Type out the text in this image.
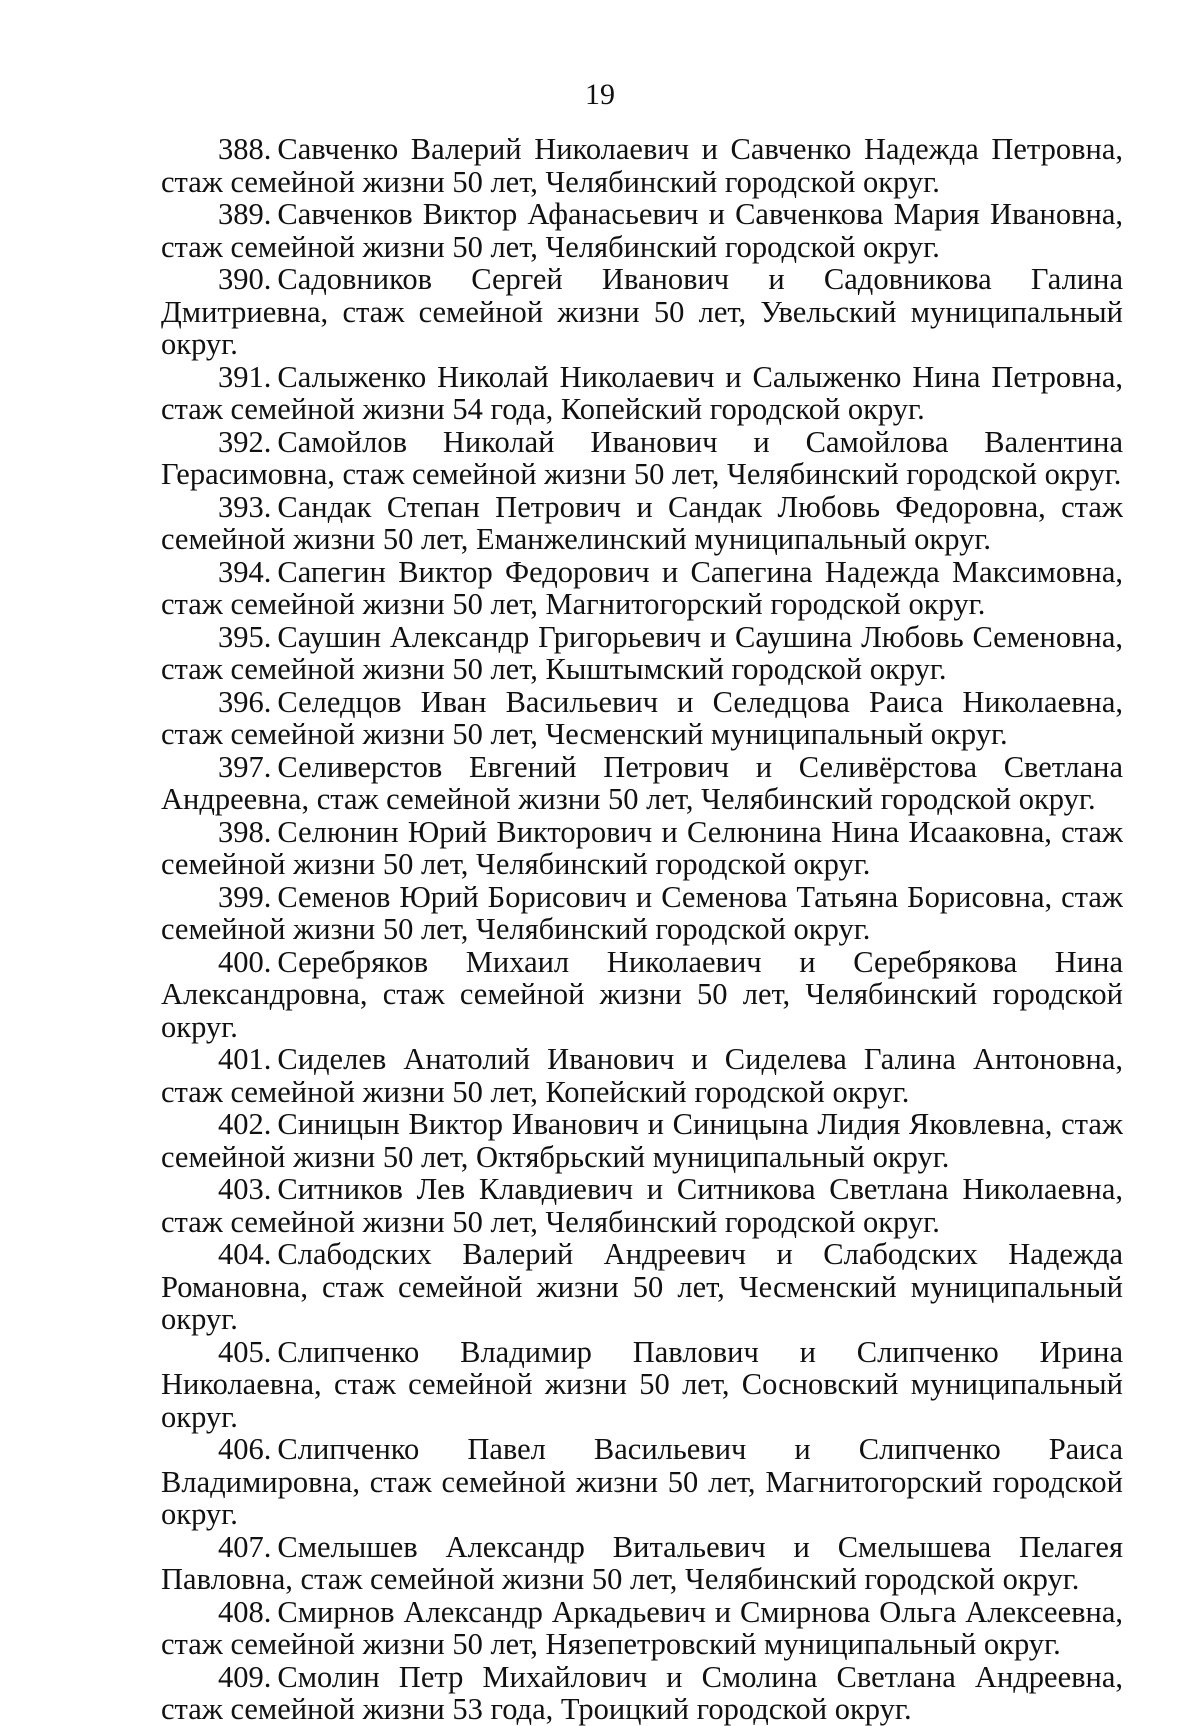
19
388. Савченко Валерий Николаевич и Савченко Надежда Петровна, стаж семейной жизни 50 лет, Челябинский городской округ.
389. Савченков Виктор Афанасьевич и Савченкова Мария Ивановна, стаж семейной жизни 50 лет, Челябинский городской округ.
390. Садовников Сергей Иванович и Садовникова Галина Дмитриевна, стаж семейной жизни 50 лет, Увельский муниципальный округ.
391. Салыженко Николай Николаевич и Салыженко Нина Петровна, стаж семейной жизни 54 года, Копейский городской округ.
392. Самойлов Николай Иванович и Самойлова Валентина Герасимовна, стаж семейной жизни 50 лет, Челябинский городской округ.
393. Сандак Степан Петрович и Сандак Любовь Федоровна, стаж семейной жизни 50 лет, Еманжелинский муниципальный округ.
394. Сапегин Виктор Федорович и Сапегина Надежда Максимовна, стаж семейной жизни 50 лет, Магнитогорский городской округ.
395. Саушин Александр Григорьевич и Саушина Любовь Семеновна, стаж семейной жизни 50 лет, Кыштымский городской округ.
396. Селедцов Иван Васильевич и Селедцова Раиса Николаевна, стаж семейной жизни 50 лет, Чесменский муниципальный округ.
397. Селиверстов Евгений Петрович и Селивёрстова Светлана Андреевна, стаж семейной жизни 50 лет, Челябинский городской округ.
398. Селюнин Юрий Викторович и Селюнина Нина Исааковна, стаж семейной жизни 50 лет, Челябинский городской округ.
399. Семенов Юрий Борисович и Семенова Татьяна Борисовна, стаж семейной жизни 50 лет, Челябинский городской округ.
400. Серебряков Михаил Николаевич и Серебрякова Нина Александровна, стаж семейной жизни 50 лет, Челябинский городской округ.
401. Сиделев Анатолий Иванович и Сиделева Галина Антоновна, стаж семейной жизни 50 лет, Копейский городской округ.
402. Синицын Виктор Иванович и Синицына Лидия Яковлевна, стаж семейной жизни 50 лет, Октябрьский муниципальный округ.
403. Ситников Лев Клавдиевич и Ситникова Светлана Николаевна, стаж семейной жизни 50 лет, Челябинский городской округ.
404. Слабодских Валерий Андреевич и Слабодских Надежда Романовна, стаж семейной жизни 50 лет, Чесменский муниципальный округ.
405. Слипченко Владимир Павлович и Слипченко Ирина Николаевна, стаж семейной жизни 50 лет, Сосновский муниципальный округ.
406. Слипченко Павел Васильевич и Слипченко Раиса Владимировна, стаж семейной жизни 50 лет, Магнитогорский городской округ.
407. Смелышев Александр Витальевич и Смелышева Пелагея Павловна, стаж семейной жизни 50 лет, Челябинский городской округ.
408. Смирнов Александр Аркадьевич и Смирнова Ольга Алексеевна, стаж семейной жизни 50 лет, Нязепетровский муниципальный округ.
409. Смолин Петр Михайлович и Смолина Светлана Андреевна, стаж семейной жизни 53 года, Троицкий городской округ.
